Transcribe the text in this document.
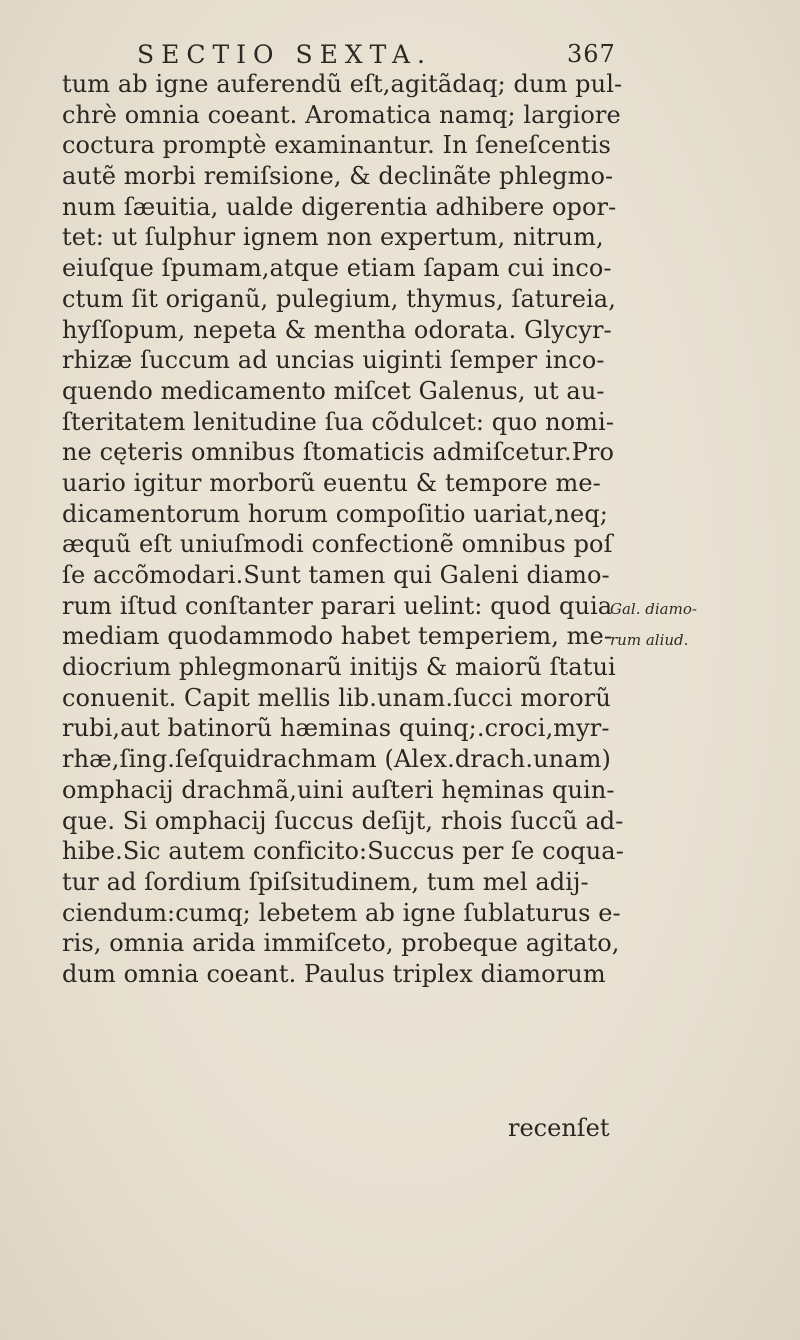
SECTIO SEXTA.	367
tum ab igne auferendũ eſt,agitãdaq; dum pul-
chrè omnia coeant. Aromatica namq; largiore
coctura promptè examinantur. In ſeneſcentis
autẽ morbi remiſsione, & declinãte phlegmo-
num ſæuitia, ualde digerentia adhibere opor-
tet: ut ſulphur ignem non expertum, nitrum,
eiuſque ſpumam,atque etiam ſapam cui inco-
ctum ſit origanũ, pulegium, thymus, ſatureia,
hyſſopum, nepeta & mentha odorata. Glycyr-
rhizæ ſuccum ad uncias uiginti ſemper inco-
quendo medicamento miſcet Galenus, ut au-
ſteritatem lenitudine ſua cõdulcet: quo nomi-
ne cęteris omnibus ſtomaticis admiſcetur.Pro
uario igitur morborũ euentu & tempore me-
dicamentorum horum compoſitio uariat,neq;
æquũ eſt uniuſmodi confectionẽ omnibus poſ
ſe accõmodari.Sunt tamen qui Galeni diamo-
rum iſtud conſtanter parari uelint: quod quia
mediam quodammodo habet temperiem, me-
diocrium phlegmonarũ initijs & maiorũ ſtatui
conuenit. Capit mellis lib.unam.ſucci mororũ
rubi,aut batinorũ hæminas quinq;.croci,myr-
rhæ,ſing.ſeſquidrachmam (Alex.drach.unam)
omphacij drachmã,uini auſteri hęminas quin-
que. Si omphacij ſuccus deſijt, rhois ſuccũ ad-
hibe.Sic autem conficito:Succus per ſe coqua-
tur ad ſordium ſpiſsitudinem, tum mel adij-
ciendum:cumq; lebetem ab igne ſublaturus e-
ris, omnia arida immiſceto, probeque agitato,
dum omnia coeant. Paulus triplex diamorum
Gal. diamo-
rum aliud.
recenſet
